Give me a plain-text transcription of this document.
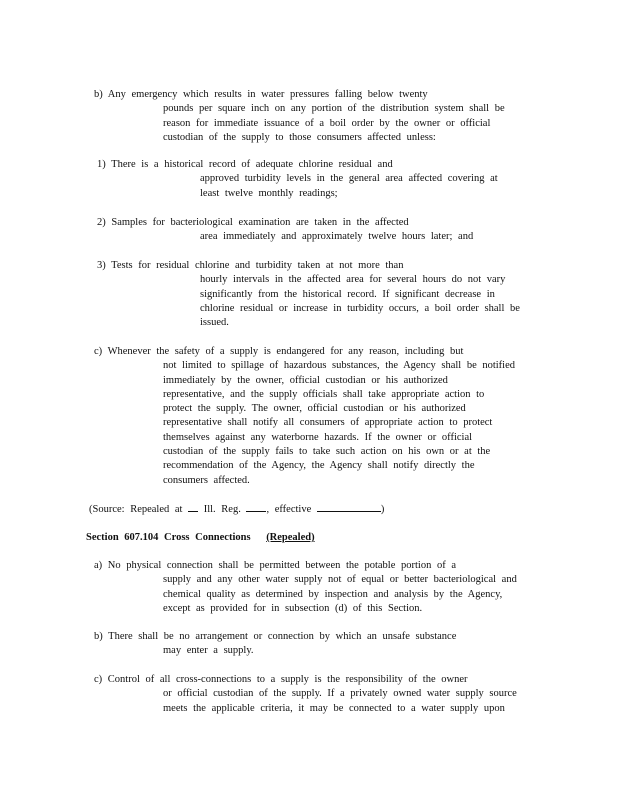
b) Any emergency which results in water pressures falling below twenty
pounds per square inch on any portion of the distribution system shall be
reason for immediate issuance of a boil order by the owner or official
custodian of the supply to those consumers affected unless:
1) There is a historical record of adequate chlorine residual and
approved turbidity levels in the general area affected covering at
least twelve monthly readings;
2) Samples for bacteriological examination are taken in the affected
area immediately and approximately twelve hours later; and
3) Tests for residual chlorine and turbidity taken at not more than
hourly intervals in the affected area for several hours do not vary
significantly from the historical record. If significant decrease in
chlorine residual or increase in turbidity occurs, a boil order shall be
issued.
c) Whenever the safety of a supply is endangered for any reason, including but
not limited to spillage of hazardous substances, the Agency shall be notified
immediately by the owner, official custodian or his authorized
representative, and the supply officials shall take appropriate action to
protect the supply. The owner, official custodian or his authorized
representative shall notify all consumers of appropriate action to protect
themselves against any waterborne hazards. If the owner or official
custodian of the supply fails to take such action on his own or at the
recommendation of the Agency, the Agency shall notify directly the
consumers affected.
(Source: Repealed at Ill. Reg. , effective	)
Section 607.104 Cross Connections (Repealed)
a) No physical connection shall be permitted between the potable portion of a
supply and any other water supply not of equal or better bacteriological and
chemical quality as determined by inspection and analysis by the Agency,
except as provided for in subsection (d) of this Section.
b) There shall be no arrangement or connection by which an unsafe substance
may enter a supply.
c) Control of all cross-connections to a supply is the responsibility of the owner
or official custodian of the supply. If a privately owned water supply source
meets the applicable criteria, it may be connected to a water supply upon
